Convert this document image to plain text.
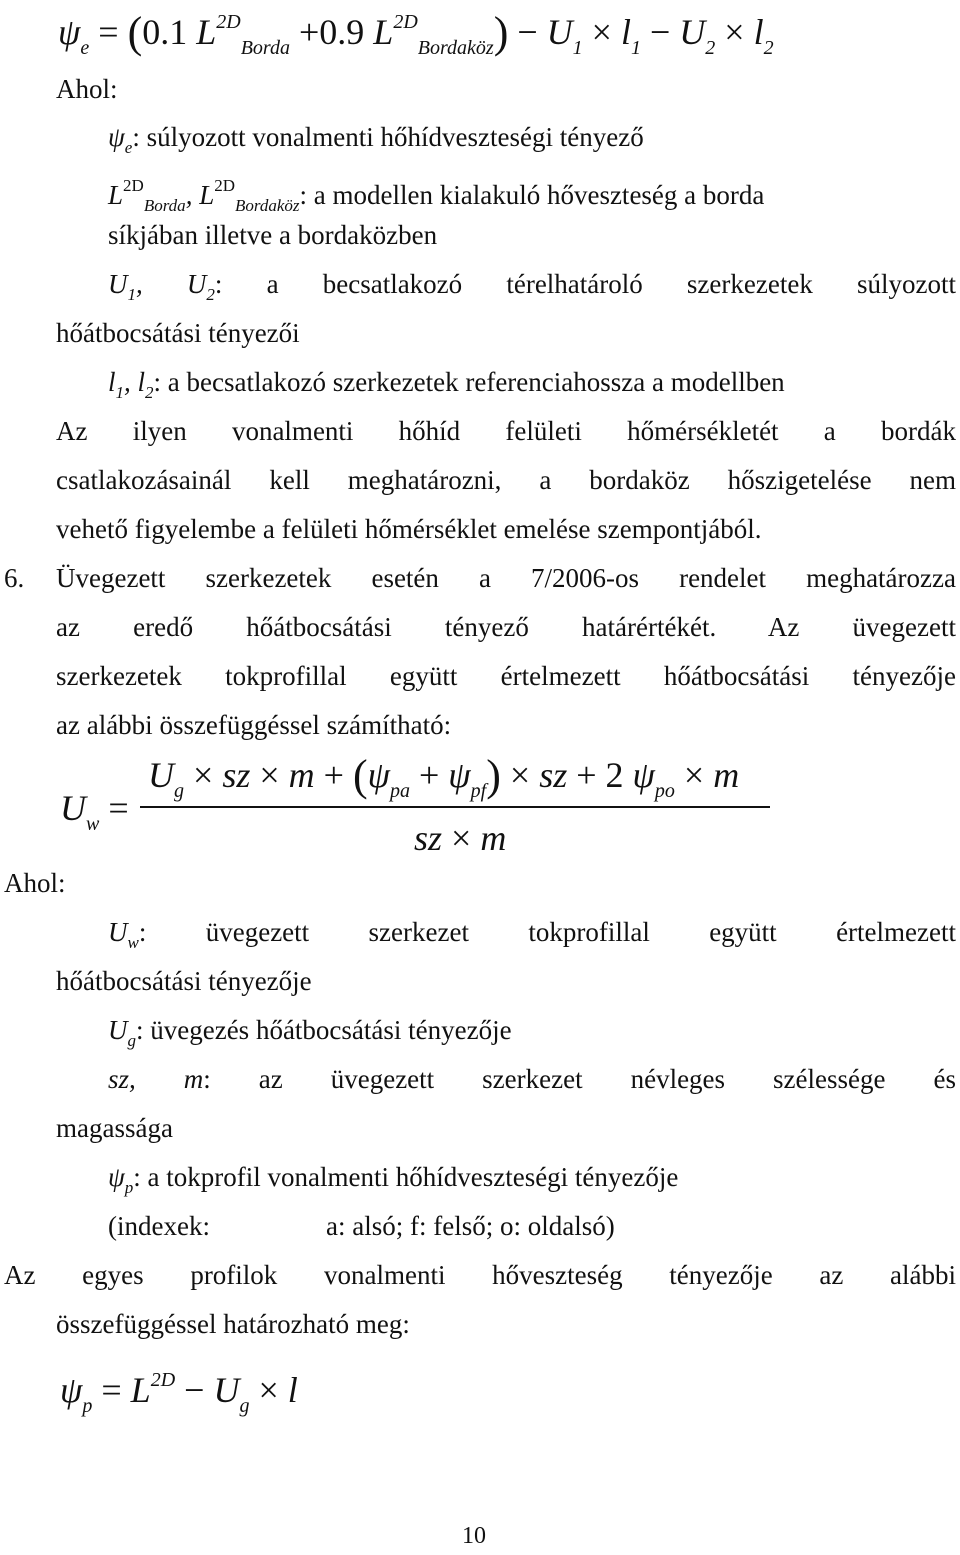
$\psi_e = (0.1$ $L^{2D}_{Borda} +0.9$ $L^{2D}_{Bordaköz}) - U_1 \times l_1 - U_2 \times l_2$
Ahol:
$\psi_e$: súlyozott vonalmenti hőhídveszteségi tényező
$L^{2D}_{Borda}$, $L^{2D}_{Bordaköz}$: a modellen kialakuló hőveszteség a borda
síkjában illetve a bordaközben
$U_1$, $U_2$: a becsatlakozó térelhatároló szerkezetek súlyozott
hőátbocsátási tényezői
$l_1$, $l_2$: a becsatlakozó szerkezetek referenciahossza a modellben
Az ilyen vonalmenti hőhíd felületi hőmérsékletét a bordák
csatlakozásainál kell meghatározni, a bordaköz hőszigetelése nem
vehető figyelembe a felületi hőmérséklet emelése szempontjából.
6. Üvegezett szerkezetek esetén a 7/2006-os rendelet meghatározza
az eredő hőátbocsátási tényező határértékét. Az üvegezett
szerkezetek tokprofillal együtt értelmezett hőátbocsátási tényezője
az alábbi összefüggéssel számítható:
$U_w$ =
$U_g$ × sz × $m + (\psi_{pa} + \psi_{pf})$ × sz + 2 $\psi_{po} \times m$
sz × m
Ahol:
$U_w$: üvegezett szerkezet tokprofillal együtt értelmezett
hőátbocsátási tényezője
$U_g$: üvegezés hőátbocsátási tényezője
sz, m: az üvegezett szerkezet névleges szélessége és
magassága
$\psi_p$: a tokprofil vonalmenti hőhídveszteségi tényezője
(indexek:	a: alsó; f: felső; o: oldalsó)
Az egyes profilok vonalmenti hőveszteség tényezője az alábbi
összefüggéssel határozható meg:
$\psi_p = L^{2D} - U_g \times l$
10
